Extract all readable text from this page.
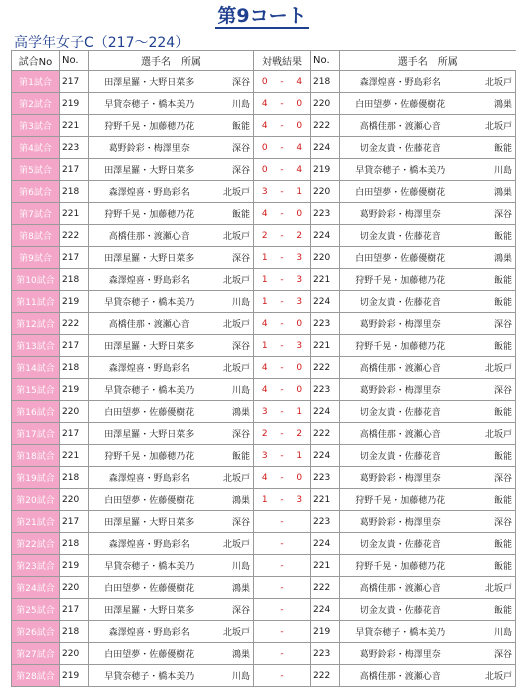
第9コート
高学年女子C（217～224）
試合No	No.	選手名　所属		対戦結果			No.	選手名　所属	
第1試合	217	田澤星羅・大野日菜多	深谷	0	-	4	218	森澤煌喜・野島彩名	北坂戸
第2試合	219	早貸奈穂子・橋本美乃	川島	4	-	0	220	白田望夢・佐藤優樹花	鴻巣
第3試合	221	狩野千晃・加藤穂乃花	飯能	4	-	0	222	高橋佳那・渡瀬心音	北坂戸
第4試合	223	葛野鈴彩・梅澤里奈	深谷	0	-	4	224	切金友貴・佐藤花音	飯能
第5試合	217	田澤星羅・大野日菜多	深谷	0	-	4	219	早貸奈穂子・橋本美乃	川島
第6試合	218	森澤煌喜・野島彩名	北坂戸	3	-	1	220	白田望夢・佐藤優樹花	鴻巣
第7試合	221	狩野千晃・加藤穂乃花	飯能	4	-	0	223	葛野鈴彩・梅澤里奈	深谷
第8試合	222	高橋佳那・渡瀬心音	北坂戸	2	-	2	224	切金友貴・佐藤花音	飯能
第9試合	217	田澤星羅・大野日菜多	深谷	1	-	3	220	白田望夢・佐藤優樹花	鴻巣
第10試合	218	森澤煌喜・野島彩名	北坂戸	1	-	3	221	狩野千晃・加藤穂乃花	飯能
第11試合	219	早貸奈穂子・橋本美乃	川島	1	-	3	224	切金友貴・佐藤花音	飯能
第12試合	222	高橋佳那・渡瀬心音	北坂戸	4	-	0	223	葛野鈴彩・梅澤里奈	深谷
第13試合	217	田澤星羅・大野日菜多	深谷	1	-	3	221	狩野千晃・加藤穂乃花	飯能
第14試合	218	森澤煌喜・野島彩名	北坂戸	4	-	0	222	高橋佳那・渡瀬心音	北坂戸
第15試合	219	早貸奈穂子・橋本美乃	川島	4	-	0	223	葛野鈴彩・梅澤里奈	深谷
第16試合	220	白田望夢・佐藤優樹花	鴻巣	3	-	1	224	切金友貴・佐藤花音	飯能
第17試合	217	田澤星羅・大野日菜多	深谷	2	-	2	222	高橋佳那・渡瀬心音	北坂戸
第18試合	221	狩野千晃・加藤穂乃花	飯能	3	-	1	224	切金友貴・佐藤花音	飯能
第19試合	218	森澤煌喜・野島彩名	北坂戸	4	-	0	223	葛野鈴彩・梅澤里奈	深谷
第20試合	220	白田望夢・佐藤優樹花	鴻巣	1	-	3	221	狩野千晃・加藤穂乃花	飯能
第21試合	217	田澤星羅・大野日菜多	深谷		-		223	葛野鈴彩・梅澤里奈	深谷
第22試合	218	森澤煌喜・野島彩名	北坂戸		-		224	切金友貴・佐藤花音	飯能
第23試合	219	早貸奈穂子・橋本美乃	川島		-		221	狩野千晃・加藤穂乃花	飯能
第24試合	220	白田望夢・佐藤優樹花	鴻巣		-		222	高橋佳那・渡瀬心音	北坂戸
第25試合	217	田澤星羅・大野日菜多	深谷		-		224	切金友貴・佐藤花音	飯能
第26試合	218	森澤煌喜・野島彩名	北坂戸		-		219	早貸奈穂子・橋本美乃	川島
第27試合	220	白田望夢・佐藤優樹花	鴻巣		-		223	葛野鈴彩・梅澤里奈	深谷
第28試合	219	早貸奈穂子・橋本美乃	川島		-		222	高橋佳那・渡瀬心音	北坂戸
